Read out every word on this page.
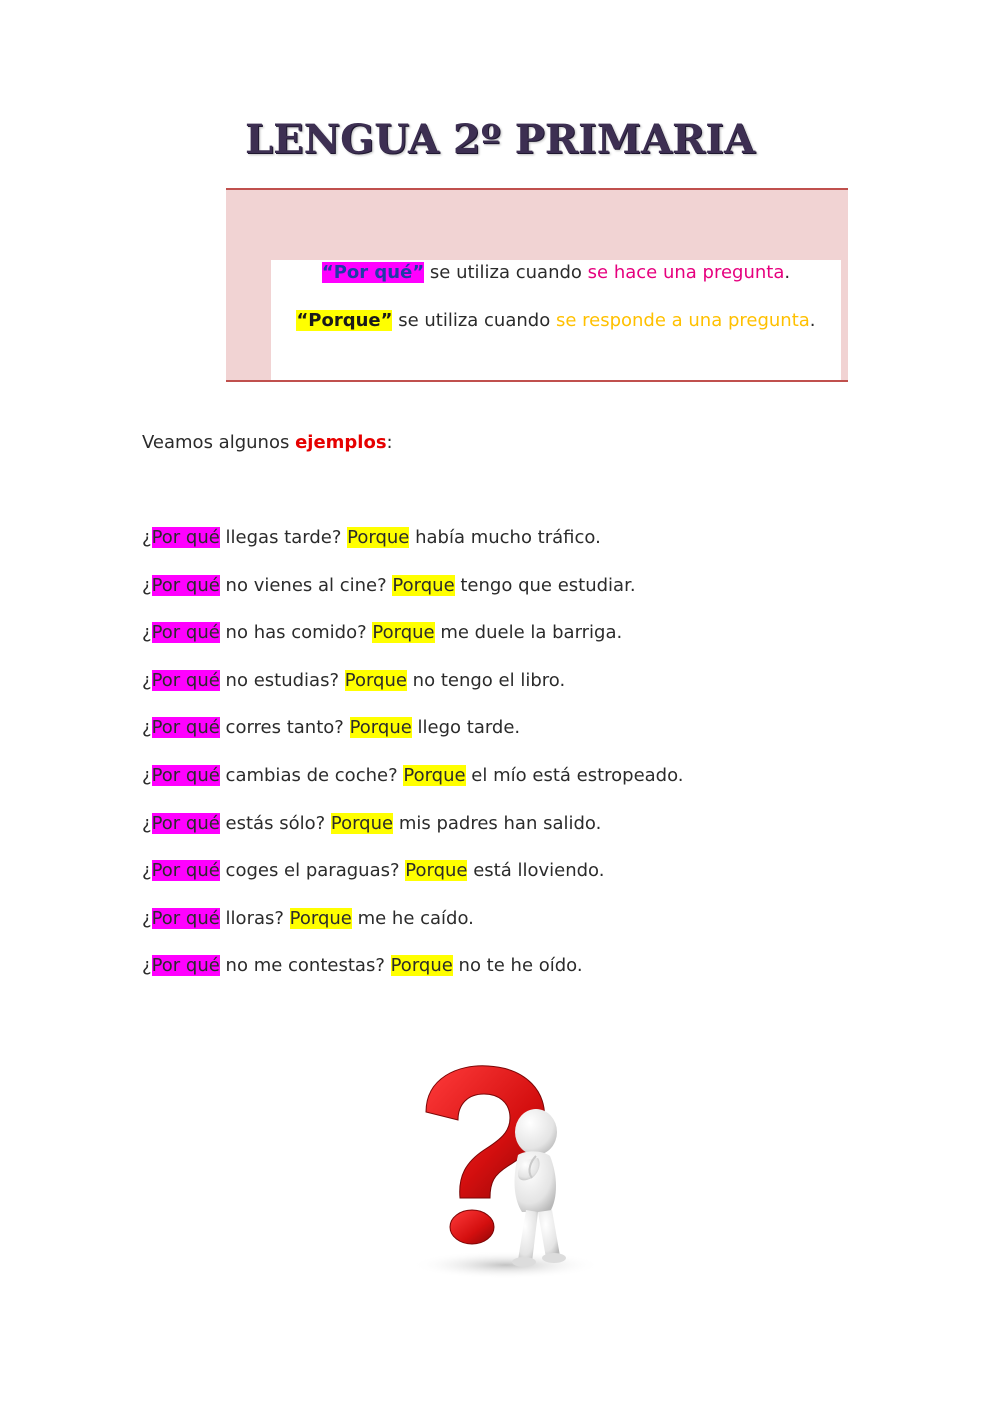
LENGUA 2º PRIMARIA
“Por qué” se utiliza cuando se hace una pregunta.
“Porque” se utiliza cuando se responde a una pregunta.
Veamos algunos ejemplos:
¿Por qué llegas tarde? Porque había mucho tráfico.
¿Por qué no vienes al cine? Porque tengo que estudiar.
¿Por qué no has comido? Porque me duele la barriga.
¿Por qué no estudias? Porque no tengo el libro.
¿Por qué corres tanto? Porque llego tarde.
¿Por qué cambias de coche? Porque el mío está estropeado.
¿Por qué estás sólo? Porque mis padres han salido.
¿Por qué coges el paraguas? Porque está lloviendo.
¿Por qué lloras? Porque me he caído.
¿Por qué no me contestas? Porque no te he oído.
